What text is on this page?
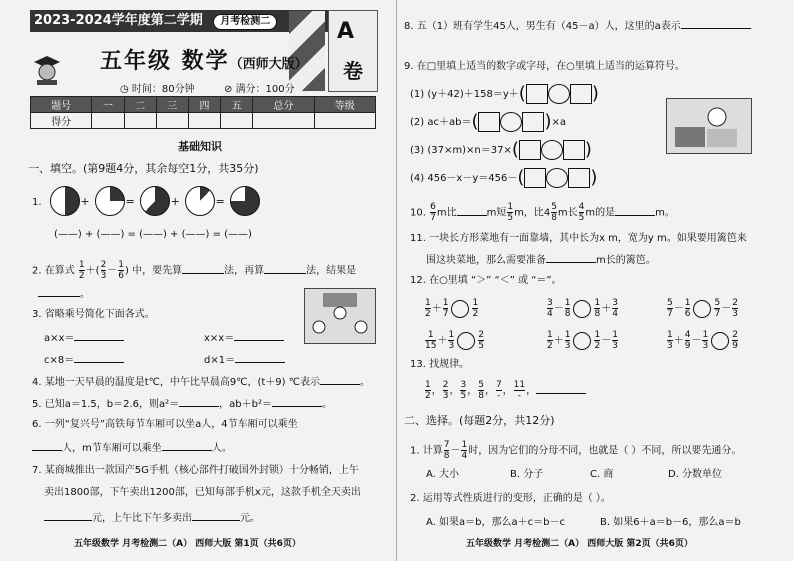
2023-2024学年度第二学期 月考检测二	A
卷
五年级 数学（西师大版）
◷ 时间：80分钟	⊘ 满分：100分
题号	一	二	三	四	五	总分	等级
得分							
基础知识
一、填空。(第9题4分，其余每空1分，共35分)
1.	+	=	+	=
(——) + (——) = (——) + (——) = (——)
2. 在算式 $\frac{1}{2}$ ＋( $\frac{2}{3} - \frac{1}{6}$ ) 中，要先算	法，再算	法，结果是
。
3. 省略乘号简化下面各式。
a×x＝	x×x＝
c×8＝	d×1＝
4. 某地一天早晨的温度是t℃，中午比早晨高9℃，(t＋9) ℃表示	。
5. 已知a＝1.5，b＝2.6，则a²＝	，ab＋b²＝	。
6. 一列“复兴号”高铁每节车厢可以坐a人，4节车厢可以乘坐
人，m节车厢可以乘坐	人。
7. 某商城推出一款国产5G手机（核心部件打破国外封锁）十分畅销，上午
卖出1800部，下午卖出1200部，已知每部手机x元，这款手机全天卖出
元，上午比下午多卖出	元。
五年级数学 月考检测二（A） 西师大版 第1页（共6页）
8. 五（1）班有学生45人，男生有（45－a）人，这里的a表示
9. 在□里填上适当的数字或字母，在○里填上适当的运算符号。
(1) (y＋42)＋158＝y＋(	)
(2) ac＋ab＝(	)×a
(3) (37×m)×n＝37×(	)
(4) 456－x－y＝456－(	)
10. $\frac{6}{7}$ m比	m短 $\frac{1}{5}$ m，比$4 \frac{5}{8}$ m长 $\frac{4}{5}$ m的是	m。
11. 一块长方形菜地有一面靠墙，其中长为x m，宽为y m。如果要用篱笆来
围这块菜地，那么需要准备	m长的篱笆。
12. 在○里填 “＞” “＜” 或 “＝”。
$\frac{1}{2} + \frac{1}{7}$	$\frac{1}{2}$	$\frac{3}{4} - \frac{1}{8}$	$\frac{1}{8} + \frac{3}{4}$	$\frac{5}{7} - \frac{1}{6}$	$\frac{5}{7} - \frac{2}{3}$
$\frac{1}{15} + \frac{1}{3}$	$\frac{2}{5}$	$\frac{1}{2} + \frac{1}{3}$	$\frac{1}{2} - \frac{1}{3}$	$\frac{1}{3} + \frac{4}{9} - \frac{1}{3}$	$\frac{2}{9}$
13. 找规律。
$\frac{1}{2}$ ， $\frac{2}{3}$ ， $\frac{3}{5}$ ， $\frac{5}{8}$ ， $\frac{7}{-}$ ， $\frac{11}{-}$ ，
二、选择。(每题2分，共12分)
1. 计算 $\frac{7}{8} - \frac{1}{4}$ 时，因为它们的分母不同，也就是（ ）不同，所以要先通分。
A. 大小	B. 分子	C. 商	D. 分数单位
2. 运用等式性质进行的变形，正确的是（ ）。
A. 如果a＝b，那么a＋c＝b－c	B. 如果6＋a＝b－6，那么a＝b
五年级数学 月考检测二（A） 西师大版 第2页（共6页）
